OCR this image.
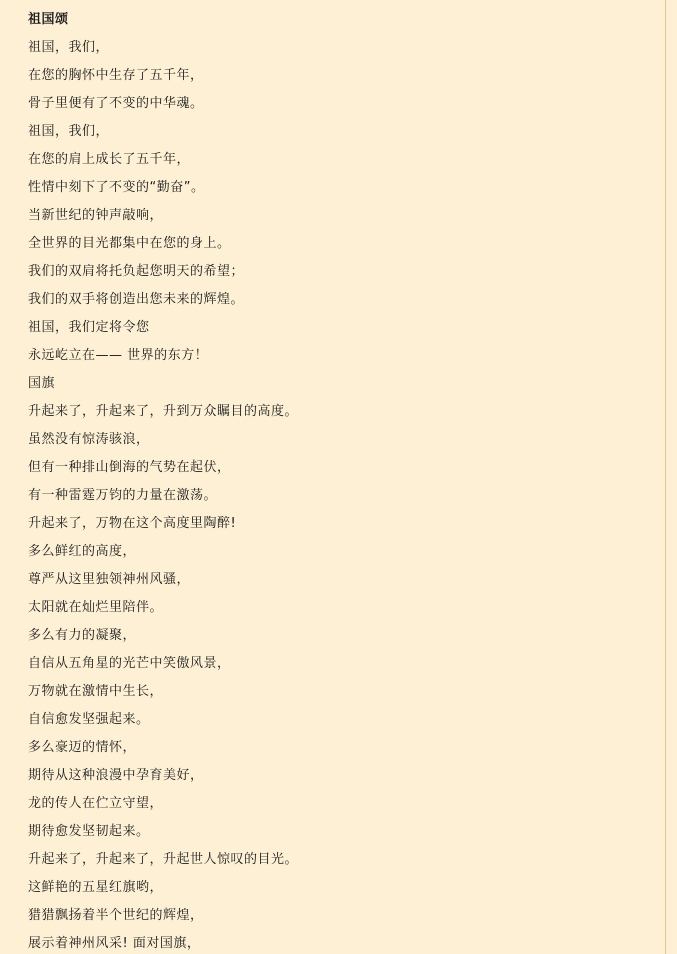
祖国颂
祖国，我们，
在您的胸怀中生存了五千年，
骨子里便有了不变的中华魂。
祖国，我们，
在您的肩上成长了五千年，
性情中刻下了不变的“勤奋”。
当新世纪的钟声敲响，
全世界的目光都集中在您的身上。
我们的双肩将托负起您明天的希望；
我们的双手将创造出您未来的辉煌。
祖国，我们定将令您
永远屹立在—— 世界的东方！
国旗
升起来了，升起来了，升到万众瞩目的高度。
虽然没有惊涛骇浪，
但有一种排山倒海的气势在起伏，
有一种雷霆万钧的力量在激荡。
升起来了，万物在这个高度里陶醉!
多么鲜红的高度，
尊严从这里独领神州风骚，
太阳就在灿烂里陪伴。
多么有力的凝聚，
自信从五角星的光芒中笑傲风景，
万物就在激情中生长，
自信愈发坚强起来。
多么豪迈的情怀，
期待从这种浪漫中孕育美好，
龙的传人在伫立守望，
期待愈发坚韧起来。
升起来了，升起来了，升起世人惊叹的目光。
这鲜艳的五星红旗哟，
猎猎飘扬着半个世纪的辉煌，
展示着神州风采! 面对国旗，
